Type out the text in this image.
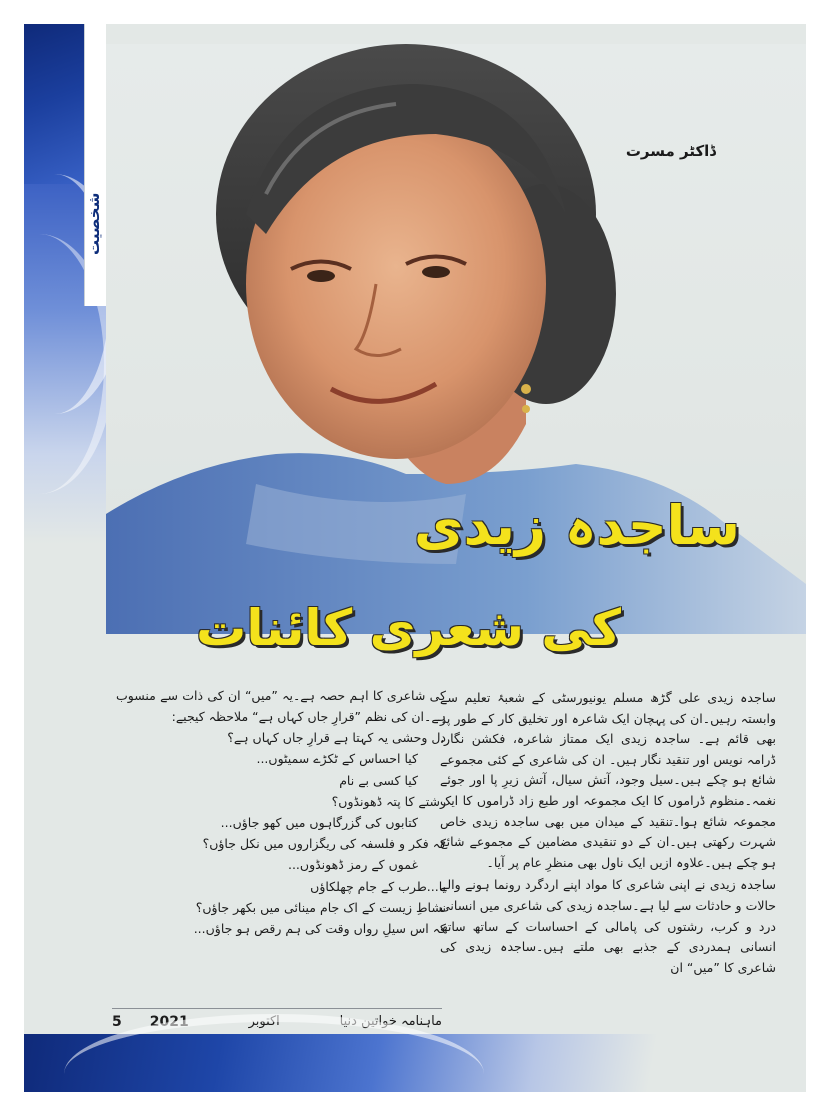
شخصیت
ڈاکٹر مسرت
ساجدہ زیدی
کی شعری کائنات

ساجدہ زیدی علی گڑھ مسلم یونیورسٹی کے شعبۂ تعلیم سے وابستہ رہیں۔ان کی پہچان ایک شاعرہ اور تخلیق کار کے طور پر بھی قائم ہے۔ ساجدہ زیدی ایک ممتاز شاعرہ، فکشن نگار، ڈرامہ نویس اور تنقید نگار ہیں۔ ان کی شاعری کے کئی مجموعے شائع ہو چکے ہیں۔سیل وجود، آتش سیال، آتش زیرِ پا اور جوئے نغمہ۔منظوم ڈراموں کا ایک مجموعہ اور طبع زاد ڈراموں کا ایک مجموعہ شائع ہوا۔تنقید کے میدان میں بھی ساجدہ زیدی خاص شہرت رکھتی ہیں۔ان کے دو تنقیدی مضامین کے مجموعے شائع ہو چکے ہیں۔علاوہ ازیں ایک ناول بھی منظرِ عام پر آیا۔

ساجدہ زیدی نے اپنی شاعری کا مواد اپنے اردگرد رونما ہونے والے حالات و حادثات سے لیا ہے۔ساجدہ زیدی کی شاعری میں انسانی درد و کرب، رشتوں کی پامالی کے احساسات کے ساتھ ساتھ انسانی ہمدردی کے جذبے بھی ملتے ہیں۔ساجدہ زیدی کی شاعری کا ”میں“ ان

کی شاعری کا اہم حصہ ہے۔یہ ”میں“ ان کی ذات سے منسوب ہے۔ان کی نظم ”قرارِ جاں کہاں ہے“ ملاحظہ کیجیے:

دل وحشی یہ کہتا ہے قرارِ جاں کہاں ہے؟
کیا احساس کے ٹکڑے سمیٹوں...
کیا کسی بے نام
رشتے کا پتہ ڈھونڈوں؟
کتابوں کی گزرگاہوں میں کھو جاؤں...
کہ فکر و فلسفہ کی ریگزاروں میں نکل جاؤں؟
غموں کے رمز ڈھونڈوں...
یا...طرب کے جام چھلکاؤں
نشاطِ زیست کے اک جام مینائی میں بکھر جاؤں؟
کہ اس سیلِ رواں وقت کی ہم رقص ہو جاؤں...
ماہنامہ خواتین دنیا
اکتوبر
5 2021
